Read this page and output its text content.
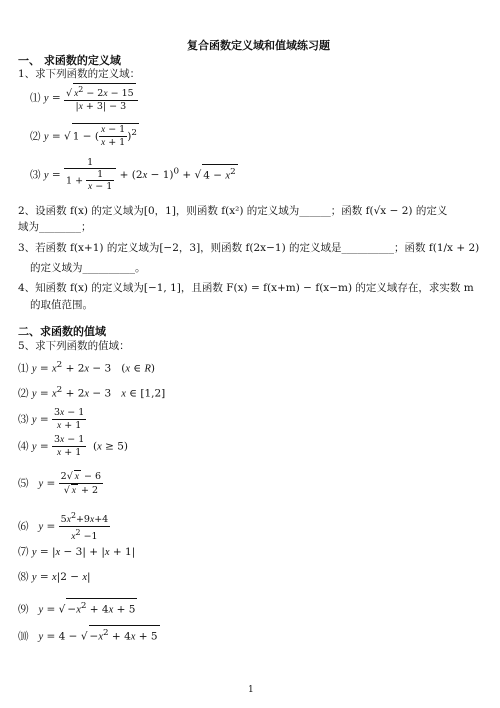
复合函数定义域和值域练习题
一、 求函数的定义域
1、求下列函数的定义域：
⑴ $y = \frac{√ x^2 - 2x - 15}{|x + 3| - 3}$
⑵ y = √ 1 − ( $\frac{x - 1}{x + 1} )^2$
⑶ $y = \frac{1}{1 + \frac{1}{x - 1}} + (2x - 1)^0$ + √ $4 - x^2$
2、设函数 f(x) 的定义域为[0，1]，则函数 f(x²) 的定义域为______；函数 f(√x − 2) 的定义
域为________；
3、若函数 f(x+1) 的定义域为[−2，3]，则函数 f(2x−1) 的定义域是__________；函数 f(1/x + 2)
的定义域为__________。
4、知函数 f(x) 的定义域为[−1, 1]，且函数 F(x) = f(x+m) − f(x−m) 的定义域存在，求实数 m
的取值范围。
二、求函数的值域
5、求下列函数的值域：
⑴ $y = x^2 + 2x - 3$   (x ∈ R)
⑵ $y = x^2 + 2x - 3$   x ∈ [1,2]
⑶ $y = \frac{3x - 1}{x + 1}$
⑷ $y = \frac{3x - 1}{x + 1} (x \ge 5)$
⑸ $y = \frac{2√ x - 6}{√ x + 2}$
⑹ $y = \frac{5x^2+9x+4}{x^2 -1}$
⑺ y = |x − 3| + |x + 1|
⑻ y = x|2 − x|
⑼ y = √ $-x^2 + 4x + 5$
⑽ y = 4 − √ $-x^2 + 4x + 5$
1
